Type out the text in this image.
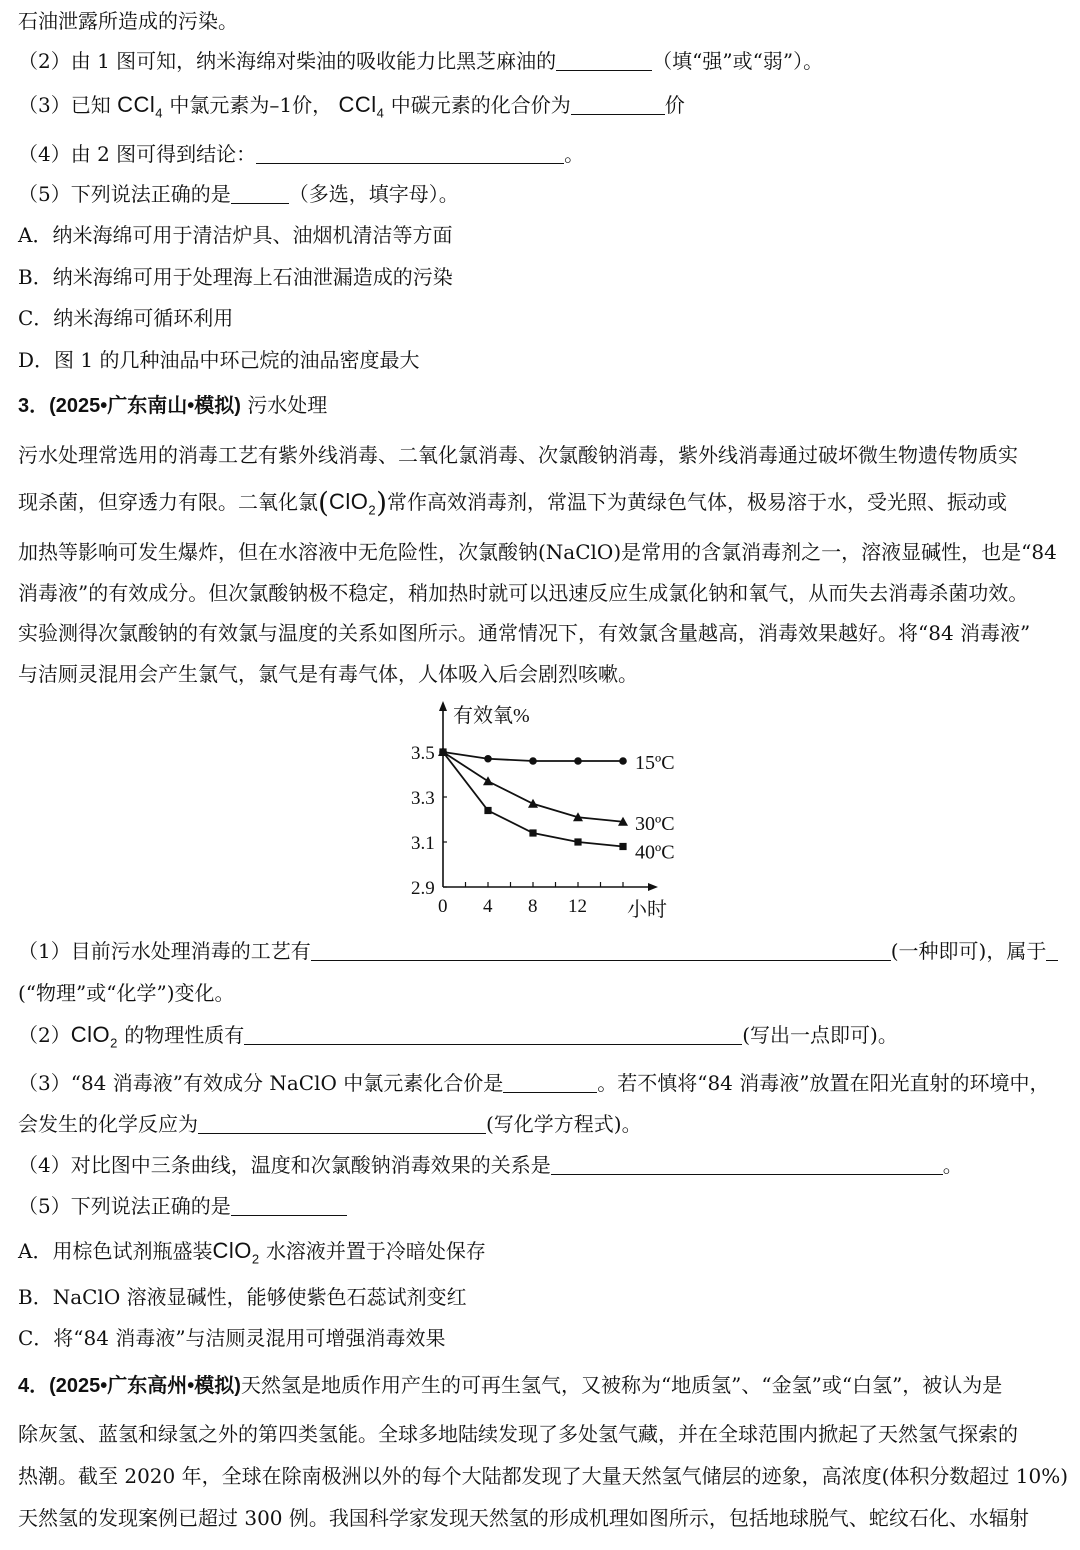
石油泄露所造成的污染。
（2）由 1 图可知，纳米海绵对柴油的吸收能力比黑芝麻油的	（填“强”或“弱”）。
（3）已知 CCl$_4$ 中氯元素为–1价， CCl$_4$ 中碳元素的化合价为	价
（4）由 2 图可得到结论：	。
（5）下列说法正确的是	（多选，填字母）。
A．纳米海绵可用于清洁炉具、油烟机清洁等方面
B．纳米海绵可用于处理海上石油泄漏造成的污染
C．纳米海绵可循环利用
D．图 1 的几种油品中环己烷的油品密度最大
3．(2025•广东南山•模拟) 污水处理
污水处理常选用的消毒工艺有紫外线消毒、二氧化氯消毒、次氯酸钠消毒，紫外线消毒通过破坏微生物遗传物质实
现杀菌，但穿透力有限。二氧化氯(ClO$_2$)常作高效消毒剂，常温下为黄绿色气体，极易溶于水，受光照、振动或
加热等影响可发生爆炸，但在水溶液中无危险性，次氯酸钠(NaClO)是常用的含氯消毒剂之一，溶液显碱性，也是“84
消毒液”的有效成分。但次氯酸钠极不稳定，稍加热时就可以迅速反应生成氯化钠和氧气，从而失去消毒杀菌功效。
实验测得次氯酸钠的有效氯与温度的关系如图所示。通常情况下，有效氯含量越高，消毒效果越好。将“84 消毒液”
与洁厕灵混用会产生氯气，氯气是有毒气体，人体吸入后会剧烈咳嗽。
有效氧%
小时
3.5
3.3
3.1
2.9
0 4 8 12
15ºC
30ºC
40ºC
（1）目前污水处理消毒的工艺有	(一种即可)，属于
(“物理”或“化学”)变化。
（2）ClO$_2$ 的物理性质有	(写出一点即可)。
（3）“84 消毒液”有效成分 NaClO 中氯元素化合价是	。若不慎将“84 消毒液”放置在阳光直射的环境中，
会发生的化学反应为	(写化学方程式)。
（4）对比图中三条曲线，温度和次氯酸钠消毒效果的关系是	。
（5）下列说法正确的是
A．用棕色试剂瓶盛装ClO$_2$ 水溶液并置于冷暗处保存
B．NaClO 溶液显碱性，能够使紫色石蕊试剂变红
C．将“84 消毒液”与洁厕灵混用可增强消毒效果
4．(2025•广东高州•模拟)天然氢是地质作用产生的可再生氢气，又被称为“地质氢”、“金氢”或“白氢”，被认为是
除灰氢、蓝氢和绿氢之外的第四类氢能。全球多地陆续发现了多处氢气藏，并在全球范围内掀起了天然氢气探索的
热潮。截至 2020 年，全球在除南极洲以外的每个大陆都发现了大量天然氢气储层的迹象，高浓度(体积分数超过 10%)
天然氢的发现案例已超过 300 例。我国科学家发现天然氢的形成机理如图所示，包括地球脱气、蛇纹石化、水辐射
